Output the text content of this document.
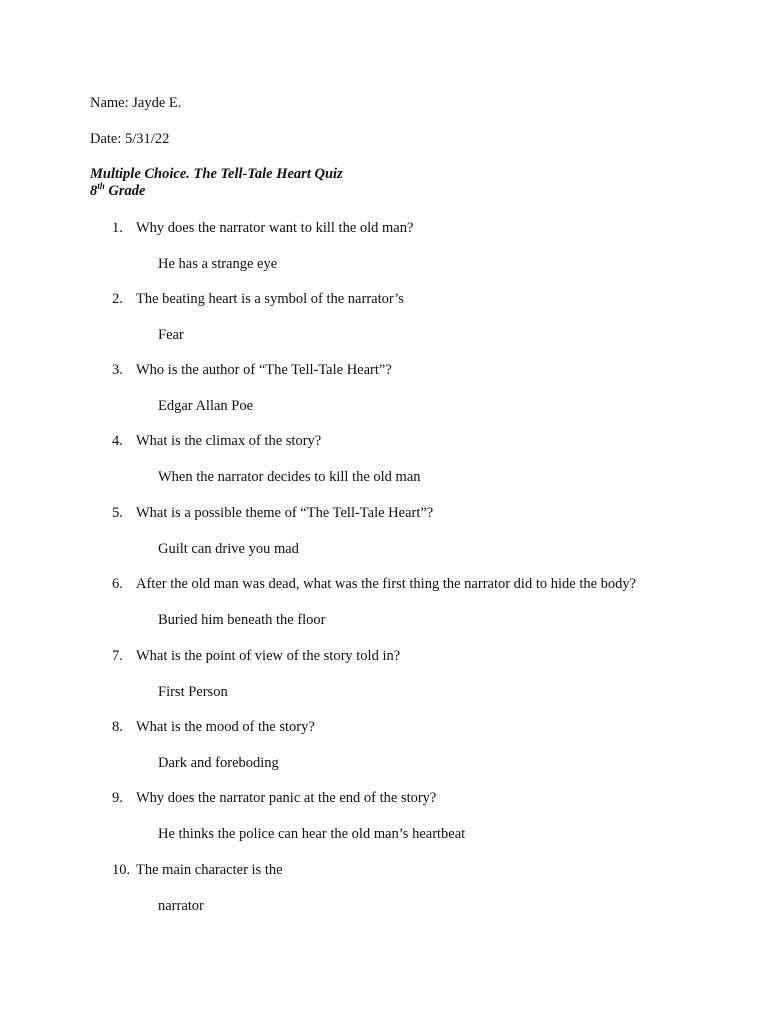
Name: Jayde E.
Date: 5/31/22
Multiple Choice. The Tell-Tale Heart Quiz
8th Grade
1. Why does the narrator want to kill the old man?
He has a strange eye
2. The beating heart is a symbol of the narrator’s
Fear
3. Who is the author of “The Tell-Tale Heart”?
Edgar Allan Poe
4. What is the climax of the story?
When the narrator decides to kill the old man
5. What is a possible theme of “The Tell-Tale Heart”?
Guilt can drive you mad
6. After the old man was dead, what was the first thing the narrator did to hide the body?
Buried him beneath the floor
7. What is the point of view of the story told in?
First Person
8. What is the mood of the story?
Dark and foreboding
9. Why does the narrator panic at the end of the story?
He thinks the police can hear the old man’s heartbeat
10. The main character is the
narrator
